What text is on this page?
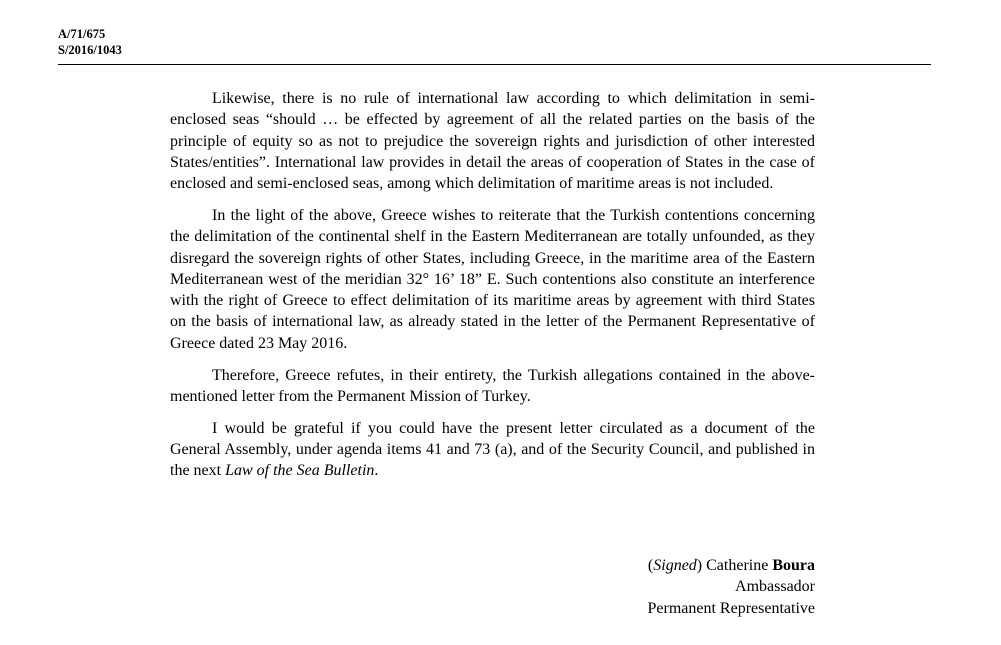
A/71/675
S/2016/1043

Likewise, there is no rule of international law according to which delimitation in semi-enclosed seas “should … be effected by agreement of all the related parties on the basis of the principle of equity so as not to prejudice the sovereign rights and jurisdiction of other interested States/entities”. International law provides in detail the areas of cooperation of States in the case of enclosed and semi-enclosed seas, among which delimitation of maritime areas is not included.

In the light of the above, Greece wishes to reiterate that the Turkish contentions concerning the delimitation of the continental shelf in the Eastern Mediterranean are totally unfounded, as they disregard the sovereign rights of other States, including Greece, in the maritime area of the Eastern Mediterranean west of the meridian 32° 16’ 18” E. Such contentions also constitute an interference with the right of Greece to effect delimitation of its maritime areas by agreement with third States on the basis of international law, as already stated in the letter of the Permanent Representative of Greece dated 23 May 2016.

Therefore, Greece refutes, in their entirety, the Turkish allegations contained in the above-mentioned letter from the Permanent Mission of Turkey.

I would be grateful if you could have the present letter circulated as a document of the General Assembly, under agenda items 41 and 73 (a), and of the Security Council, and published in the next Law of the Sea Bulletin.

(Signed) Catherine Boura
Ambassador
Permanent Representative
